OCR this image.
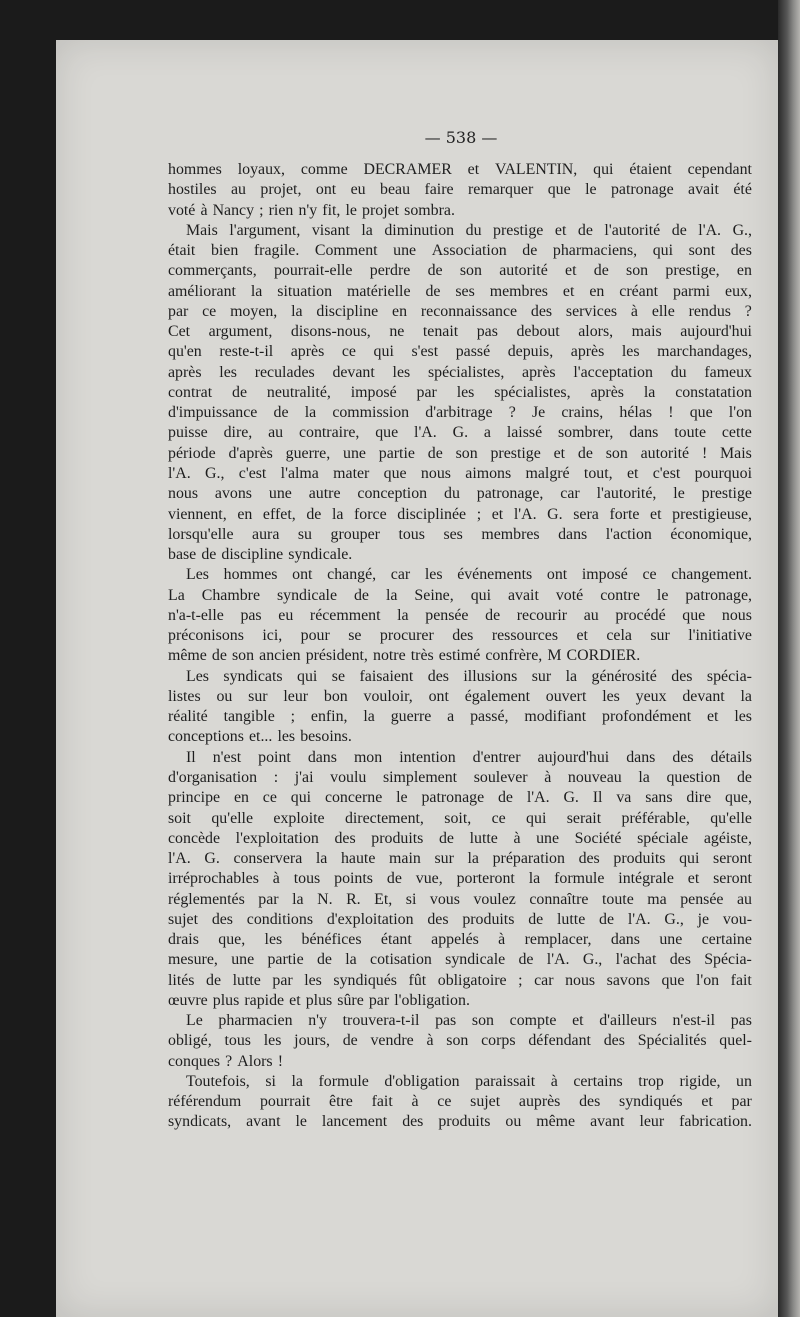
— 538 —
hommes loyaux, comme DECRAMER et VALENTIN, qui étaient cependant
hostiles au projet, ont eu beau faire remarquer que le patronage avait été
voté à Nancy ; rien n'y fit, le projet sombra.
Mais l'argument, visant la diminution du prestige et de l'autorité de l'A. G.,
était bien fragile. Comment une Association de pharmaciens, qui sont des
commerçants, pourrait-elle perdre de son autorité et de son prestige, en
améliorant la situation matérielle de ses membres et en créant parmi eux,
par ce moyen, la discipline en reconnaissance des services à elle rendus ?
Cet argument, disons-nous, ne tenait pas debout alors, mais aujourd'hui
qu'en reste-t-il après ce qui s'est passé depuis, après les marchandages,
après les reculades devant les spécialistes, après l'acceptation du fameux
contrat de neutralité, imposé par les spécialistes, après la constatation
d'impuissance de la commission d'arbitrage ? Je crains, hélas ! que l'on
puisse dire, au contraire, que l'A. G. a laissé sombrer, dans toute cette
période d'après guerre, une partie de son prestige et de son autorité ! Mais
l'A. G., c'est l'alma mater que nous aimons malgré tout, et c'est pourquoi
nous avons une autre conception du patronage, car l'autorité, le prestige
viennent, en effet, de la force disciplinée ; et l'A. G. sera forte et prestigieuse,
lorsqu'elle aura su grouper tous ses membres dans l'action économique,
base de discipline syndicale.
Les hommes ont changé, car les événements ont imposé ce changement.
La Chambre syndicale de la Seine, qui avait voté contre le patronage,
n'a-t-elle pas eu récemment la pensée de recourir au procédé que nous
préconisons ici, pour se procurer des ressources et cela sur l'initiative
même de son ancien président, notre très estimé confrère, M CORDIER.
Les syndicats qui se faisaient des illusions sur la générosité des spécia-
listes ou sur leur bon vouloir, ont également ouvert les yeux devant la
réalité tangible ; enfin, la guerre a passé, modifiant profondément et les
conceptions et... les besoins.
Il n'est point dans mon intention d'entrer aujourd'hui dans des détails
d'organisation : j'ai voulu simplement soulever à nouveau la question de
principe en ce qui concerne le patronage de l'A. G. Il va sans dire que,
soit qu'elle exploite directement, soit, ce qui serait préférable, qu'elle
concède l'exploitation des produits de lutte à une Société spéciale agéiste,
l'A. G. conservera la haute main sur la préparation des produits qui seront
irréprochables à tous points de vue, porteront la formule intégrale et seront
réglementés par la N. R. Et, si vous voulez connaître toute ma pensée au
sujet des conditions d'exploitation des produits de lutte de l'A. G., je vou-
drais que, les bénéfices étant appelés à remplacer, dans une certaine
mesure, une partie de la cotisation syndicale de l'A. G., l'achat des Spécia-
lités de lutte par les syndiqués fût obligatoire ; car nous savons que l'on fait
œuvre plus rapide et plus sûre par l'obligation.
Le pharmacien n'y trouvera-t-il pas son compte et d'ailleurs n'est-il pas
obligé, tous les jours, de vendre à son corps défendant des Spécialités quel-
conques ? Alors !
Toutefois, si la formule d'obligation paraissait à certains trop rigide, un
référendum pourrait être fait à ce sujet auprès des syndiqués et par
syndicats, avant le lancement des produits ou même avant leur fabrication.
